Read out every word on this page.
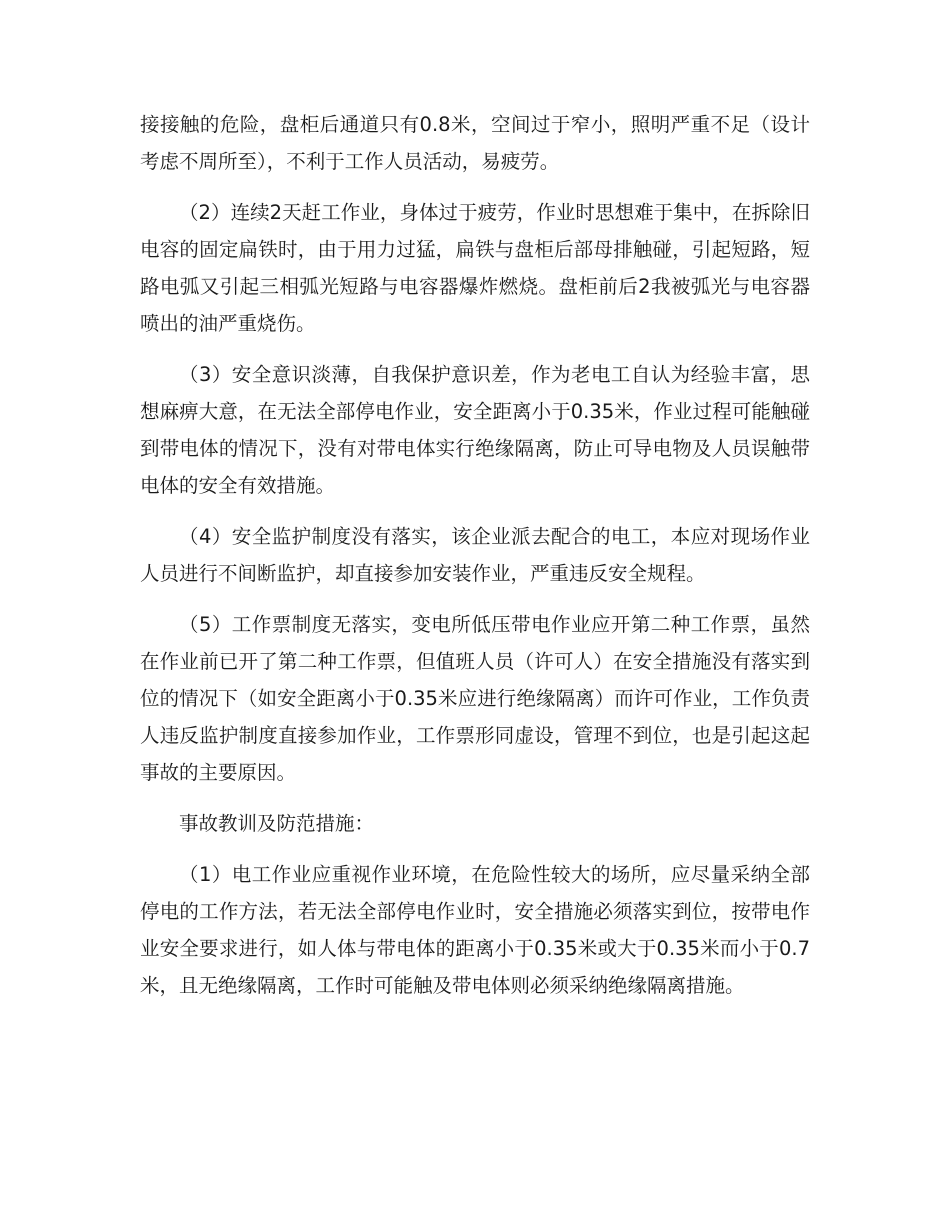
接接触的危险，盘柜后通道只有0.8米，空间过于窄小，照明严重不足（设计考虑不周所至），不利于工作人员活动，易疲劳。

（2）连续2天赶工作业，身体过于疲劳，作业时思想难于集中，在拆除旧电容的固定扁铁时，由于用力过猛，扁铁与盘柜后部母排触碰，引起短路，短路电弧又引起三相弧光短路与电容器爆炸燃烧。盘柜前后2我被弧光与电容器喷出的油严重烧伤。

（3）安全意识淡薄，自我保护意识差，作为老电工自认为经验丰富，思想麻痹大意，在无法全部停电作业，安全距离小于0.35米，作业过程可能触碰到带电体的情况下，没有对带电体实行绝缘隔离，防止可导电物及人员误触带电体的安全有效措施。

（4）安全监护制度没有落实，该企业派去配合的电工，本应对现场作业人员进行不间断监护，却直接参加安装作业，严重违反安全规程。

（5）工作票制度无落实，变电所低压带电作业应开第二种工作票，虽然在作业前已开了第二种工作票，但值班人员（许可人）在安全措施没有落实到位的情况下（如安全距离小于0.35米应进行绝缘隔离）而许可作业，工作负责人违反监护制度直接参加作业，工作票形同虚设，管理不到位，也是引起这起事故的主要原因。

事故教训及防范措施：

（1）电工作业应重视作业环境，在危险性较大的场所，应尽量采纳全部停电的工作方法，若无法全部停电作业时，安全措施必须落实到位，按带电作业安全要求进行，如人体与带电体的距离小于0.35米或大于0.35米而小于0.7米，且无绝缘隔离，工作时可能触及带电体则必须采纳绝缘隔离措施。
